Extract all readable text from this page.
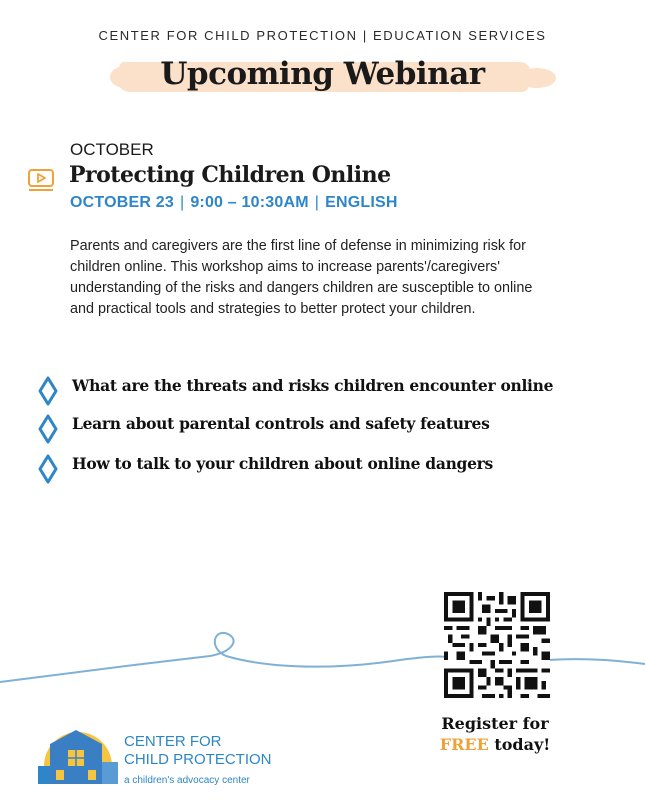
CENTER FOR CHILD PROTECTION | EDUCATION SERVICES
Upcoming Webinar
OCTOBER
Protecting Children Online
OCTOBER 23 | 9:00 – 10:30AM | ENGLISH
Parents and caregivers are the first line of defense in minimizing risk for children online. This workshop aims to increase parents'/caregivers' understanding of the risks and dangers children are susceptible to online and practical tools and strategies to better protect your children.
What are the threats and risks children encounter online
Learn about parental controls and safety features
How to talk to your children about online dangers
Register for
FREE today!
CENTER FOR
CHILD PROTECTION
a children's advocacy center
